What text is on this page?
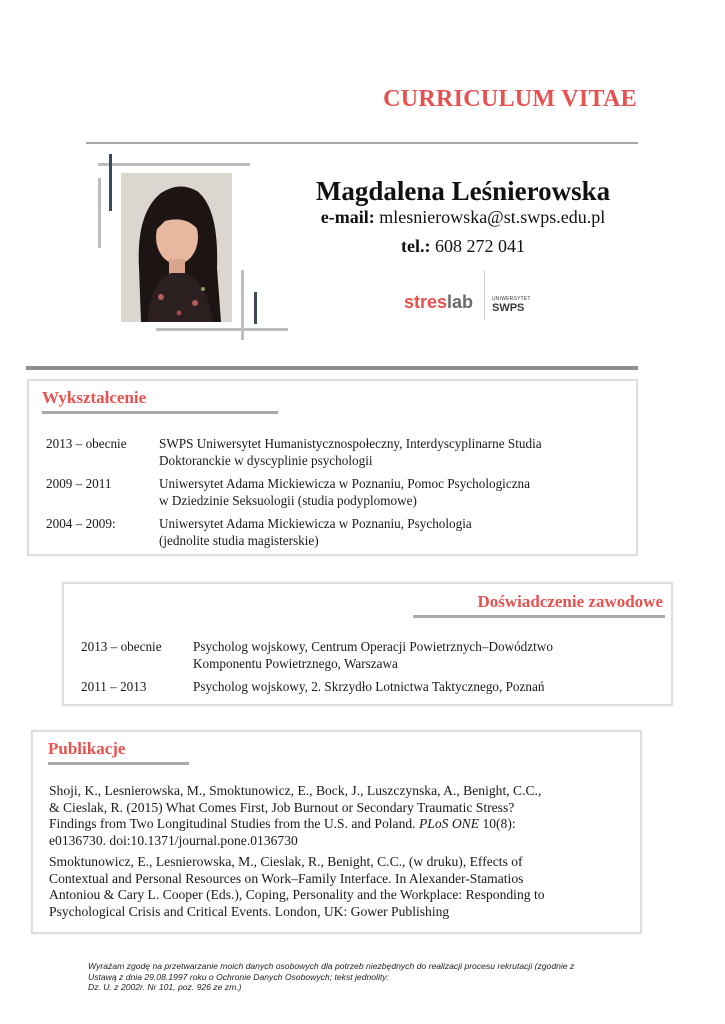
CURRICULUM VITAE
Magdalena Leśnierowska
e-mail: mlesnierowska@st.swps.edu.pl
tel.: 608 272 041
streslab	UNIWERSYTET
SWPS
Wykształcenie
2013 – obecnie SWPS Uniwersytet Humanistycznospołeczny, Interdyscyplinarne Studia
Doktoranckie w dyscyplinie psychologii
2009 – 2011	Uniwersytet Adama Mickiewicza w Poznaniu, Pomoc Psychologiczna
w Dziedzinie Seksuologii (studia podyplomowe)
2004 – 2009:	Uniwersytet Adama Mickiewicza w Poznaniu, Psychologia
(jednolite studia magisterskie)
Doświadczenie zawodowe
2013 – obecnie Psycholog wojskowy, Centrum Operacji Powietrznych–Dowództwo
Komponentu Powietrznego, Warszawa
2011 – 2013	Psycholog wojskowy, 2. Skrzydło Lotnictwa Taktycznego, Poznań
Publikacje
Shoji, K., Lesnierowska, M., Smoktunowicz, E., Bock, J., Luszczynska, A., Benight, C.C.,
& Cieslak, R. (2015) What Comes First, Job Burnout or Secondary Traumatic Stress?
Findings from Two Longitudinal Studies from the U.S. and Poland. PLoS ONE 10(8):
e0136730. doi:10.1371/journal.pone.0136730
Smoktunowicz, E., Lesnierowska, M., Cieslak, R., Benight, C.C., (w druku), Effects of
Contextual and Personal Resources on Work–Family Interface. In Alexander-Stamatios
Antoniou & Cary L. Cooper (Eds.), Coping, Personality and the Workplace: Responding to
Psychological Crisis and Critical Events. London, UK: Gower Publishing
Wyrażam zgodę na przetwarzanie moich danych osobowych dla potrzeb niezbędnych do realizacji procesu rekrutacji (zgodnie z
Ustawą z dnia 29.08.1997 roku o Ochronie Danych Osobowych; tekst jednolity:
Dz. U. z 2002r. Nr 101, poz. 926 ze zm.)
